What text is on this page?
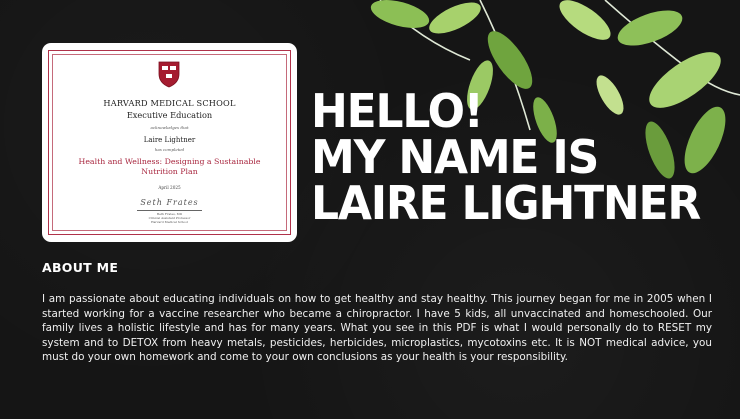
HARVARD MEDICAL SCHOOL
Executive Education
acknowledges that
Laire Lightner
has completed
Health and Wellness: Designing a Sustainable Nutrition Plan
April 2025
Seth Frates
Beth Frates, MD
Clinical Assistant Professor
Harvard Medical School
HELLO!
MY NAME IS
LAIRE LIGHTNER
ABOUT ME
I am passionate about educating individuals on how to get healthy and stay healthy. This journey began for me in 2005 when I started working for a vaccine researcher who became a chiropractor. I have 5 kids, all unvaccinated and homeschooled. Our family lives a holistic lifestyle and has for many years. What you see in this PDF is what I would personally do to RESET my system and to DETOX from heavy metals, pesticides, herbicides, microplastics, mycotoxins etc. It is NOT medical advice, you must do your own homework and come to your own conclusions as your health is your responsibility.
